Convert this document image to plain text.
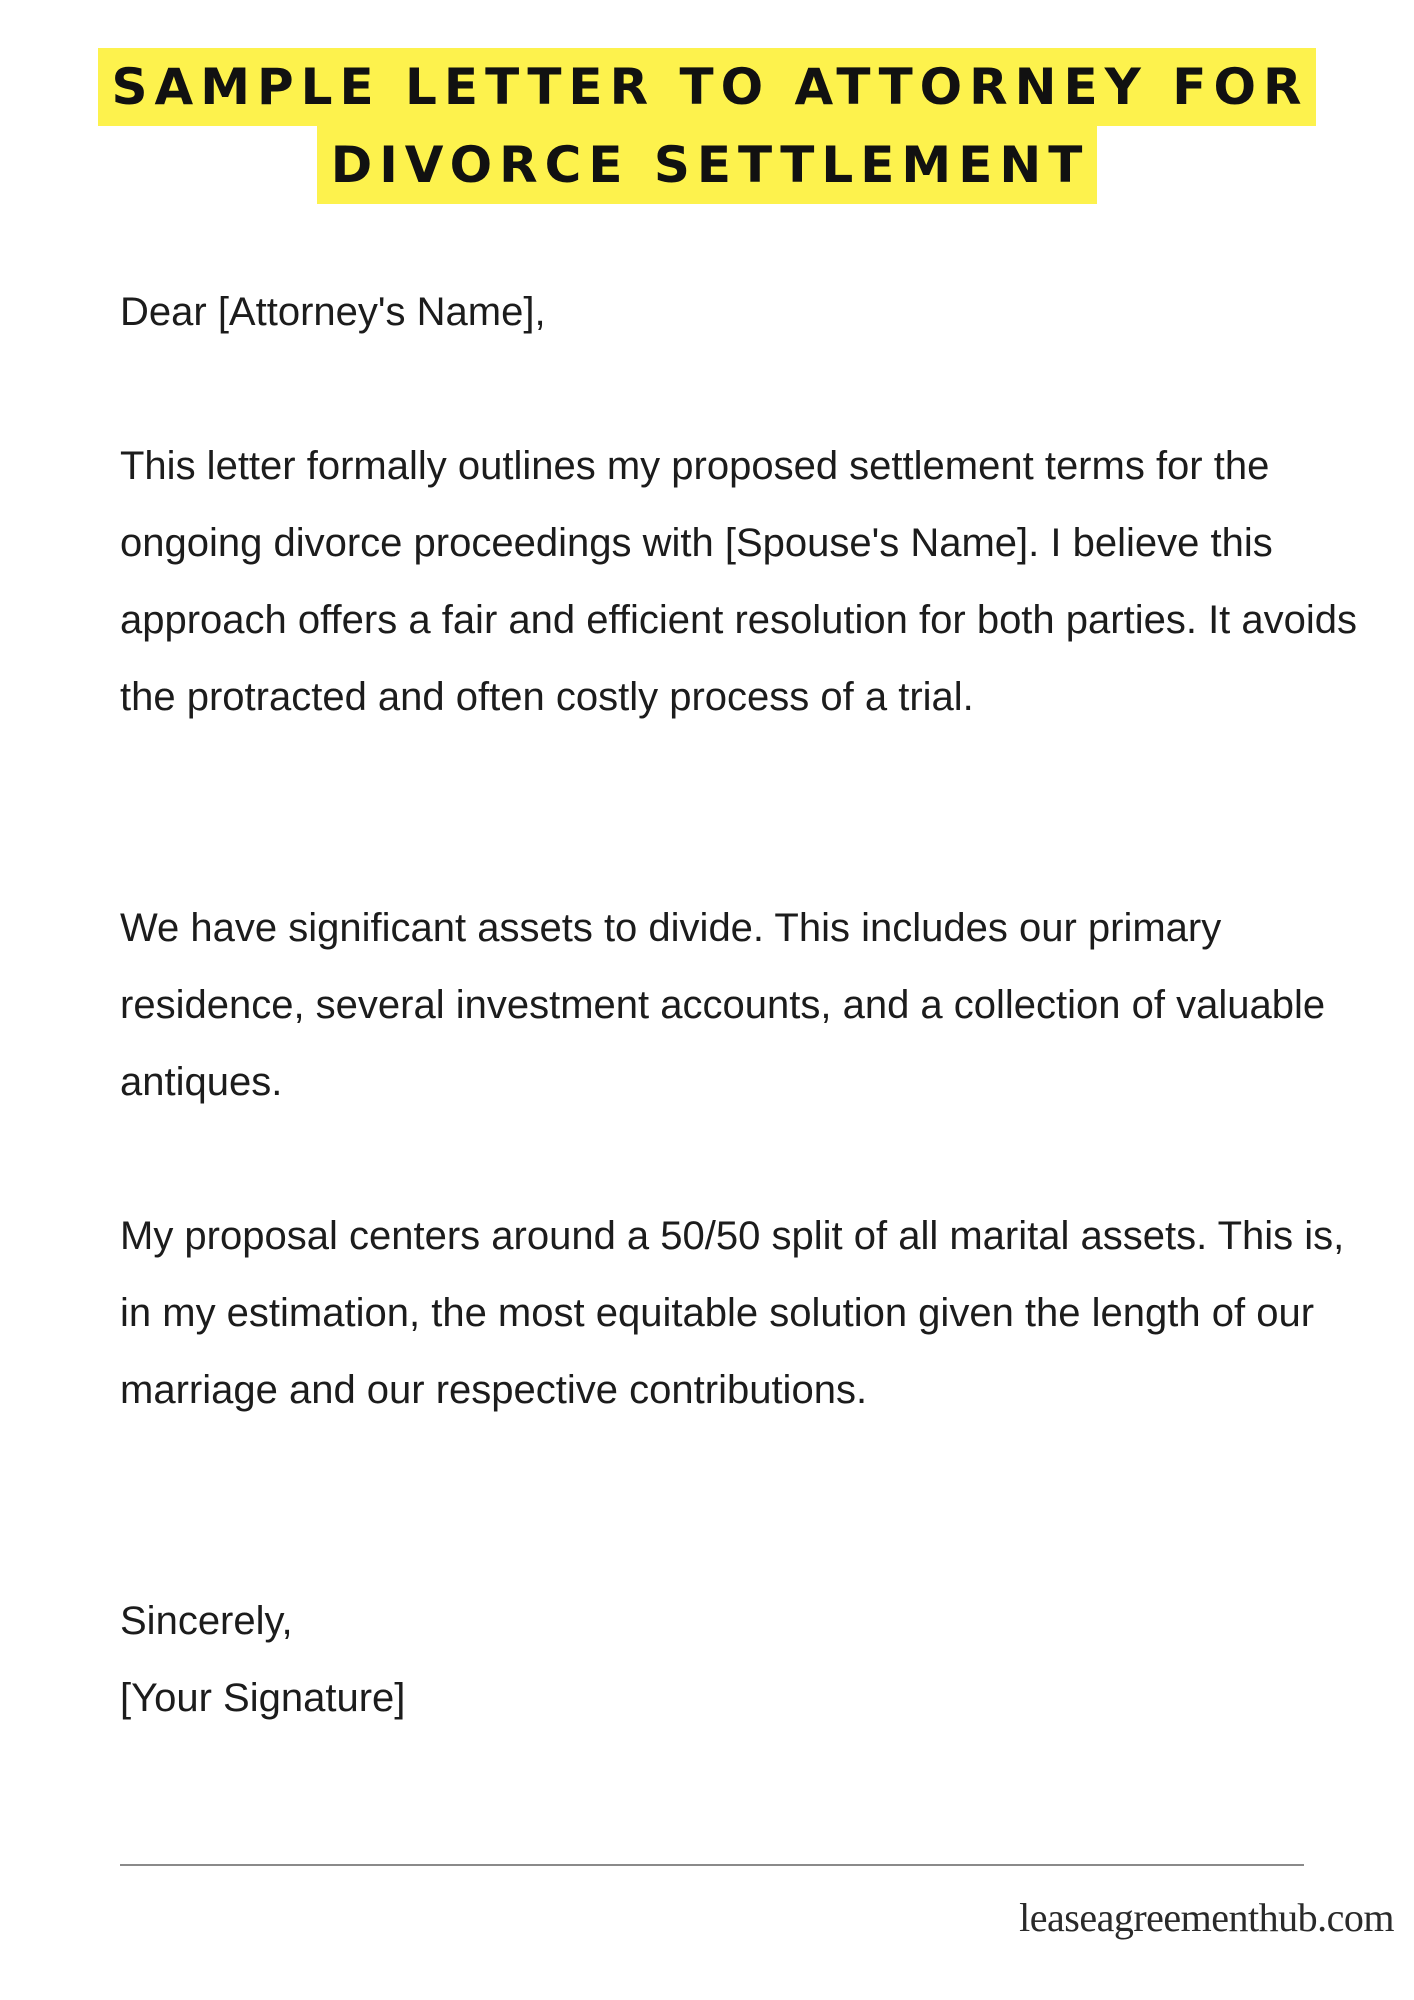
SAMPLE LETTER TO ATTORNEY FOR
DIVORCE SETTLEMENT
Dear [Attorney's Name],
This letter formally outlines my proposed settlement terms for the ongoing divorce proceedings with [Spouse's Name]. I believe this approach offers a fair and efficient resolution for both parties. It avoids the protracted and often costly process of a trial.
We have significant assets to divide. This includes our primary residence, several investment accounts, and a collection of valuable antiques.
My proposal centers around a 50/50 split of all marital assets. This is, in my estimation, the most equitable solution given the length of our marriage and our respective contributions.
Sincerely,
[Your Signature]
leaseagreementhub.com
